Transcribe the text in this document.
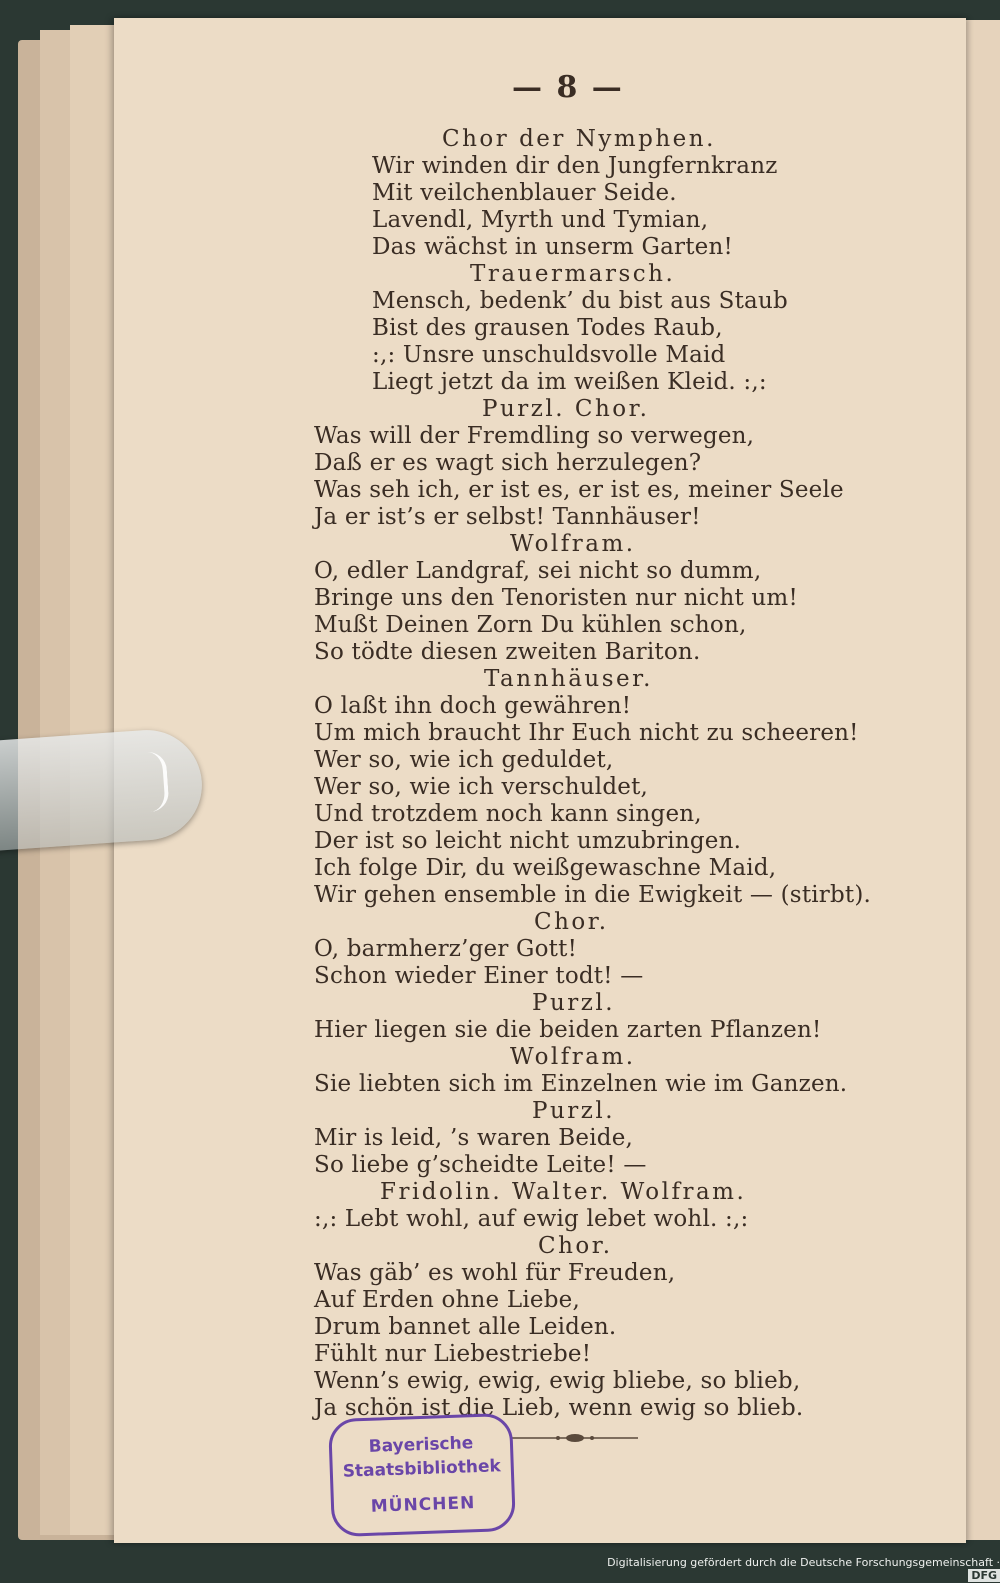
— 8 —
Chor der Nymphen.
Wir winden dir den Jungfernkranz
Mit veilchenblauer Seide.
Lavendl, Myrth und Tymian,
Das wächst in unserm Garten!
Trauermarsch.
Mensch, bedenk’ du bist aus Staub
Bist des grausen Todes Raub,
:,: Unsre unschuldsvolle Maid
Liegt jetzt da im weißen Kleid. :,:
Purzl. Chor.
Was will der Fremdling so verwegen,
Daß er es wagt sich herzulegen?
Was seh ich, er ist es, er ist es, meiner Seele
Ja er ist’s er selbst! Tannhäuser!
Wolfram.
O, edler Landgraf, sei nicht so dumm,
Bringe uns den Tenoristen nur nicht um!
Mußt Deinen Zorn Du kühlen schon,
So tödte diesen zweiten Bariton.
Tannhäuser.
O laßt ihn doch gewähren!
Um mich braucht Ihr Euch nicht zu scheeren!
Wer so, wie ich geduldet,
Wer so, wie ich verschuldet,
Und trotzdem noch kann singen,
Der ist so leicht nicht umzubringen.
Ich folge Dir, du weißgewaschne Maid,
Wir gehen ensemble in die Ewigkeit — (stirbt).
Chor.
O, barmherz’ger Gott!
Schon wieder Einer todt! —
Purzl.
Hier liegen sie die beiden zarten Pflanzen!
Wolfram.
Sie liebten sich im Einzelnen wie im Ganzen.
Purzl.
Mir is leid, ’s waren Beide,
So liebe g’scheidte Leite! —
Fridolin. Walter. Wolfram.
:,: Lebt wohl, auf ewig lebet wohl. :,:
Chor.
Was gäb’ es wohl für Freuden,
Auf Erden ohne Liebe,
Drum bannet alle Leiden.
Fühlt nur Liebestriebe!
Wenn’s ewig, ewig, ewig bliebe, so blieb,
Ja schön ist die Lieb, wenn ewig so blieb.
Bayerische
Staatsbibliothek
MÜNCHEN
Digitalisierung gefördert durch die Deutsche Forschungsgemeinschaft ·DFG
